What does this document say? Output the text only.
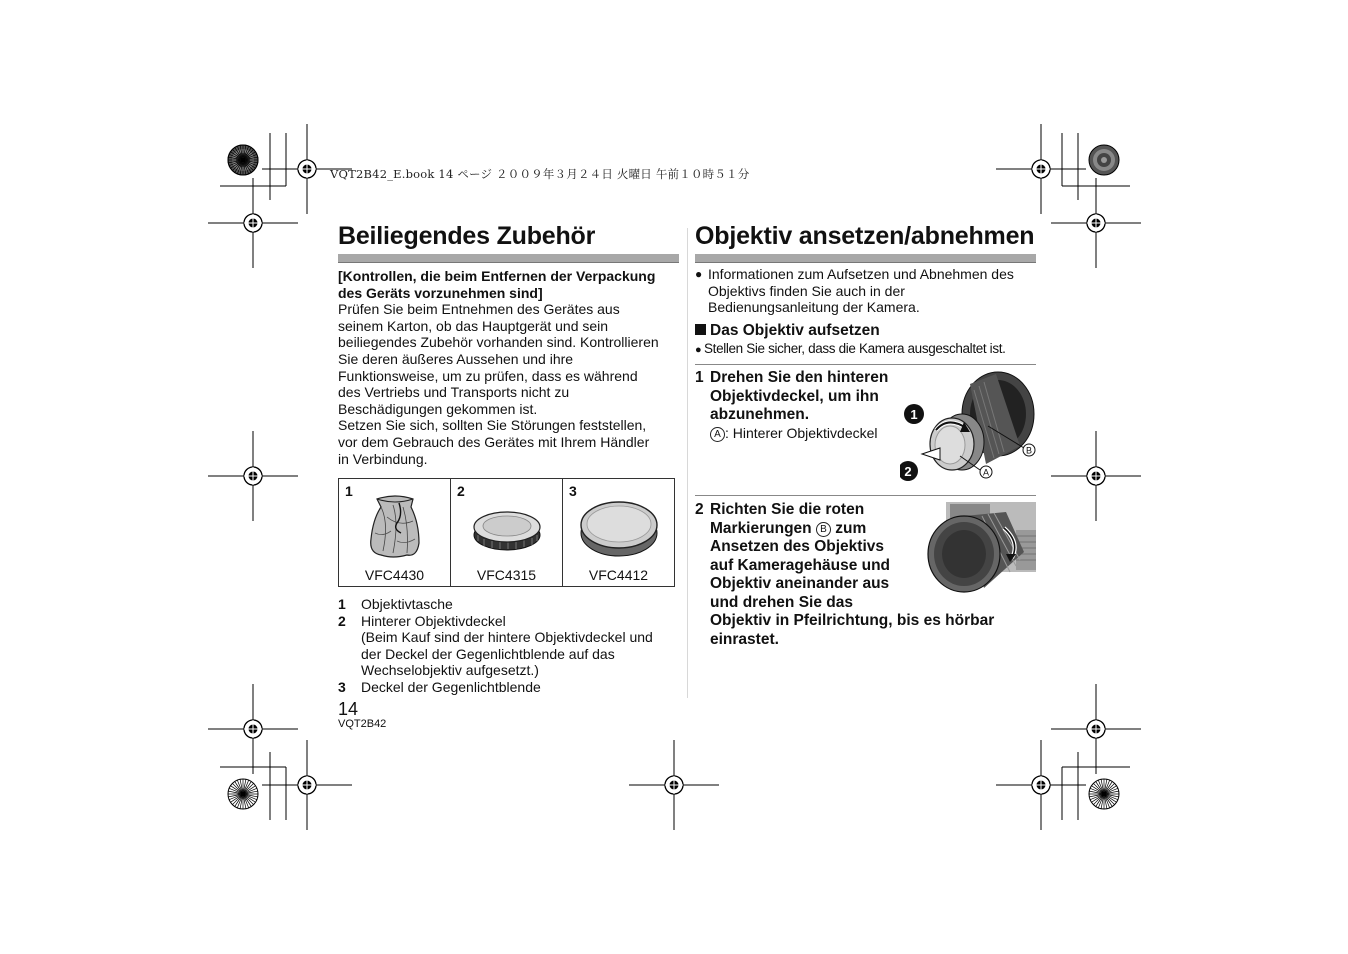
VQT2B42_E.book 14 ページ ２００９年３月２４日 火曜日 午前１０時５１分
Beiliegendes Zubehör
[Kontrollen, die beim Entfernen der Verpackung
des Geräts vorzunehmen sind]
Prüfen Sie beim Entnehmen des Gerätes aus
seinem Karton, ob das Hauptgerät und sein
beiliegendes Zubehör vorhanden sind. Kontrollieren
Sie deren äußeres Aussehen und ihre
Funktionsweise, um zu prüfen, dass es während
des Vertriebs und Transports nicht zu
Beschädigungen gekommen ist.
Setzen Sie sich, sollten Sie Störungen feststellen,
vor dem Gebrauch des Gerätes mit Ihrem Händler
in Verbindung.
1
VFC4430

2
VFC4315

3
VFC4412
1 Objektivtasche
2 Hinterer Objektivdeckel
(Beim Kauf sind der hintere Objektivdeckel und
der Deckel der Gegenlichtblende auf das
Wechselobjektiv aufgesetzt.)
3 Deckel der Gegenlichtblende
14
VQT2B42
Objektiv ansetzen/abnehmen
● Informationen zum Aufsetzen und Abnehmen des
Objektivs finden Sie auch in der
Bedienungsanleitung der Kamera.
Das Objektiv aufsetzen
● Stellen Sie sicher, dass die Kamera ausgeschaltet ist.
1 Drehen Sie den hinteren
Objektivdeckel, um ihn
abzunehmen.
A : Hinterer Objektivdeckel
1
2
B
A
2 Richten Sie die roten
Markierungen B zum
Ansetzen des Objektivs
auf Kameragehäuse und
Objektiv aneinander aus
und drehen Sie das
Objektiv in Pfeilrichtung, bis es hörbar
einrastet.
